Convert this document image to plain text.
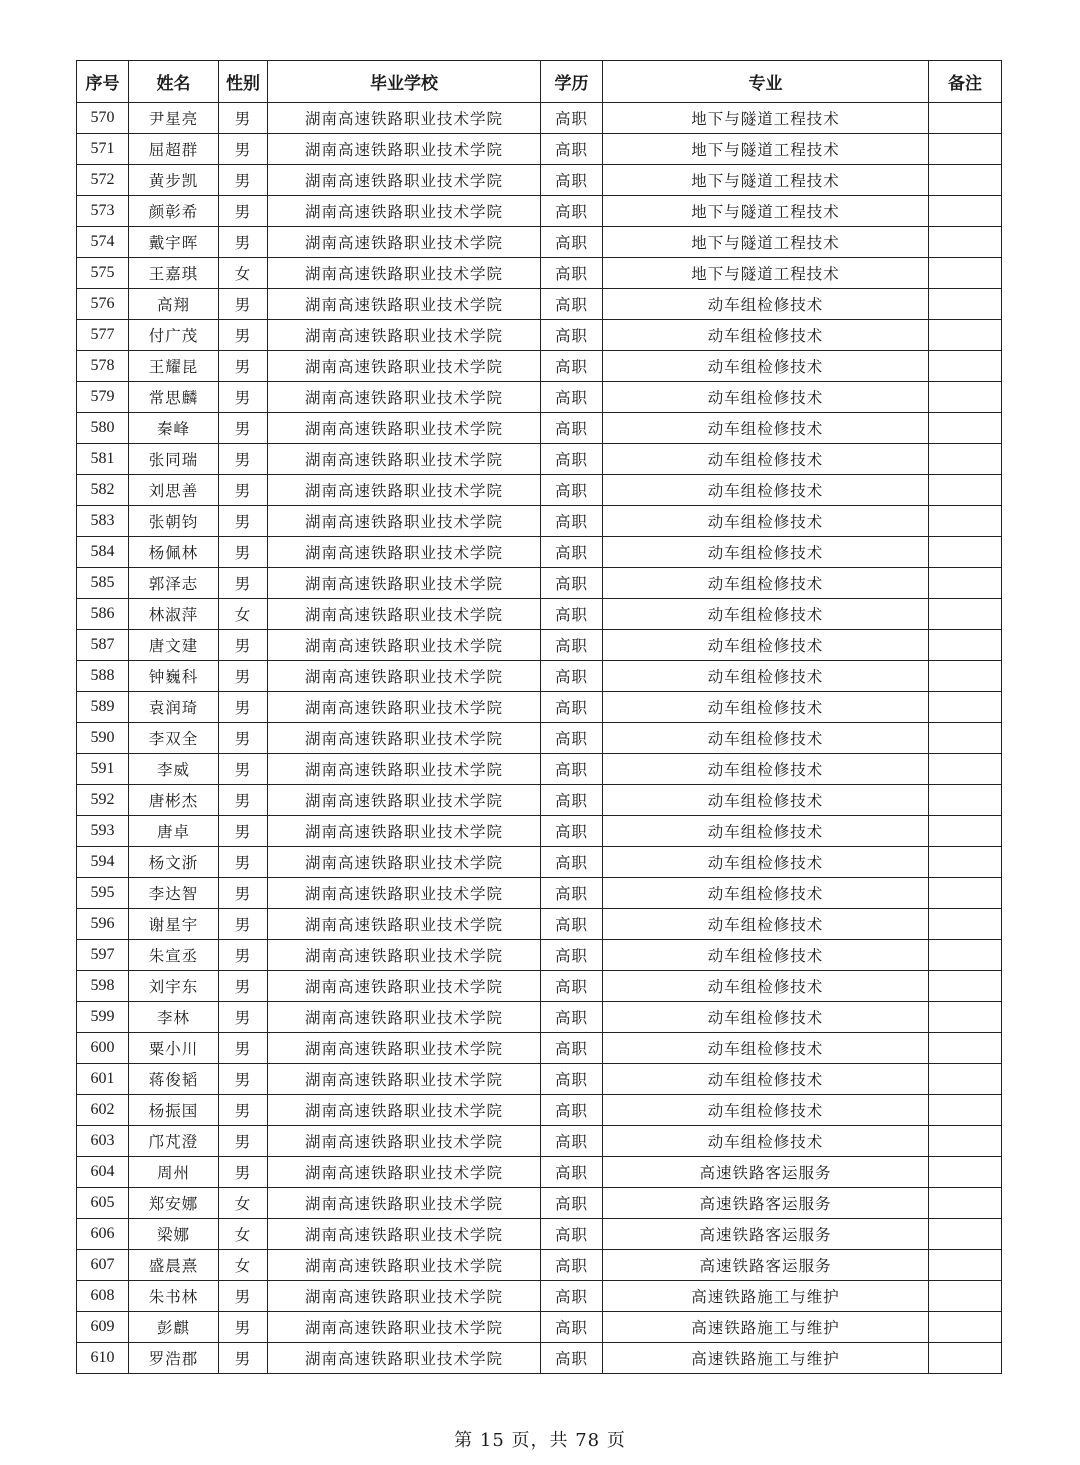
序号	姓名	性别	毕业学校	学历	专业	备注
570	尹星亮	男	湖南高速铁路职业技术学院	高职	地下与隧道工程技术	
571	屈超群	男	湖南高速铁路职业技术学院	高职	地下与隧道工程技术	
572	黄步凯	男	湖南高速铁路职业技术学院	高职	地下与隧道工程技术	
573	颜彰希	男	湖南高速铁路职业技术学院	高职	地下与隧道工程技术	
574	戴宇晖	男	湖南高速铁路职业技术学院	高职	地下与隧道工程技术	
575	王嘉琪	女	湖南高速铁路职业技术学院	高职	地下与隧道工程技术	
576	高翔	男	湖南高速铁路职业技术学院	高职	动车组检修技术	
577	付广茂	男	湖南高速铁路职业技术学院	高职	动车组检修技术	
578	王耀昆	男	湖南高速铁路职业技术学院	高职	动车组检修技术	
579	常思麟	男	湖南高速铁路职业技术学院	高职	动车组检修技术	
580	秦峰	男	湖南高速铁路职业技术学院	高职	动车组检修技术	
581	张同瑞	男	湖南高速铁路职业技术学院	高职	动车组检修技术	
582	刘思善	男	湖南高速铁路职业技术学院	高职	动车组检修技术	
583	张朝钧	男	湖南高速铁路职业技术学院	高职	动车组检修技术	
584	杨佩林	男	湖南高速铁路职业技术学院	高职	动车组检修技术	
585	郭泽志	男	湖南高速铁路职业技术学院	高职	动车组检修技术	
586	林淑萍	女	湖南高速铁路职业技术学院	高职	动车组检修技术	
587	唐文建	男	湖南高速铁路职业技术学院	高职	动车组检修技术	
588	钟巍科	男	湖南高速铁路职业技术学院	高职	动车组检修技术	
589	袁润琦	男	湖南高速铁路职业技术学院	高职	动车组检修技术	
590	李双全	男	湖南高速铁路职业技术学院	高职	动车组检修技术	
591	李威	男	湖南高速铁路职业技术学院	高职	动车组检修技术	
592	唐彬杰	男	湖南高速铁路职业技术学院	高职	动车组检修技术	
593	唐卓	男	湖南高速铁路职业技术学院	高职	动车组检修技术	
594	杨文浙	男	湖南高速铁路职业技术学院	高职	动车组检修技术	
595	李达智	男	湖南高速铁路职业技术学院	高职	动车组检修技术	
596	谢星宇	男	湖南高速铁路职业技术学院	高职	动车组检修技术	
597	朱宣丞	男	湖南高速铁路职业技术学院	高职	动车组检修技术	
598	刘宇东	男	湖南高速铁路职业技术学院	高职	动车组检修技术	
599	李林	男	湖南高速铁路职业技术学院	高职	动车组检修技术	
600	粟小川	男	湖南高速铁路职业技术学院	高职	动车组检修技术	
601	蒋俊韬	男	湖南高速铁路职业技术学院	高职	动车组检修技术	
602	杨振国	男	湖南高速铁路职业技术学院	高职	动车组检修技术	
603	邝芃澄	男	湖南高速铁路职业技术学院	高职	动车组检修技术	
604	周州	男	湖南高速铁路职业技术学院	高职	高速铁路客运服务	
605	郑安娜	女	湖南高速铁路职业技术学院	高职	高速铁路客运服务	
606	梁娜	女	湖南高速铁路职业技术学院	高职	高速铁路客运服务	
607	盛晨熹	女	湖南高速铁路职业技术学院	高职	高速铁路客运服务	
608	朱书林	男	湖南高速铁路职业技术学院	高职	高速铁路施工与维护	
609	彭麒	男	湖南高速铁路职业技术学院	高职	高速铁路施工与维护	
610	罗浩郡	男	湖南高速铁路职业技术学院	高职	高速铁路施工与维护	
第 15 页，共 78 页
